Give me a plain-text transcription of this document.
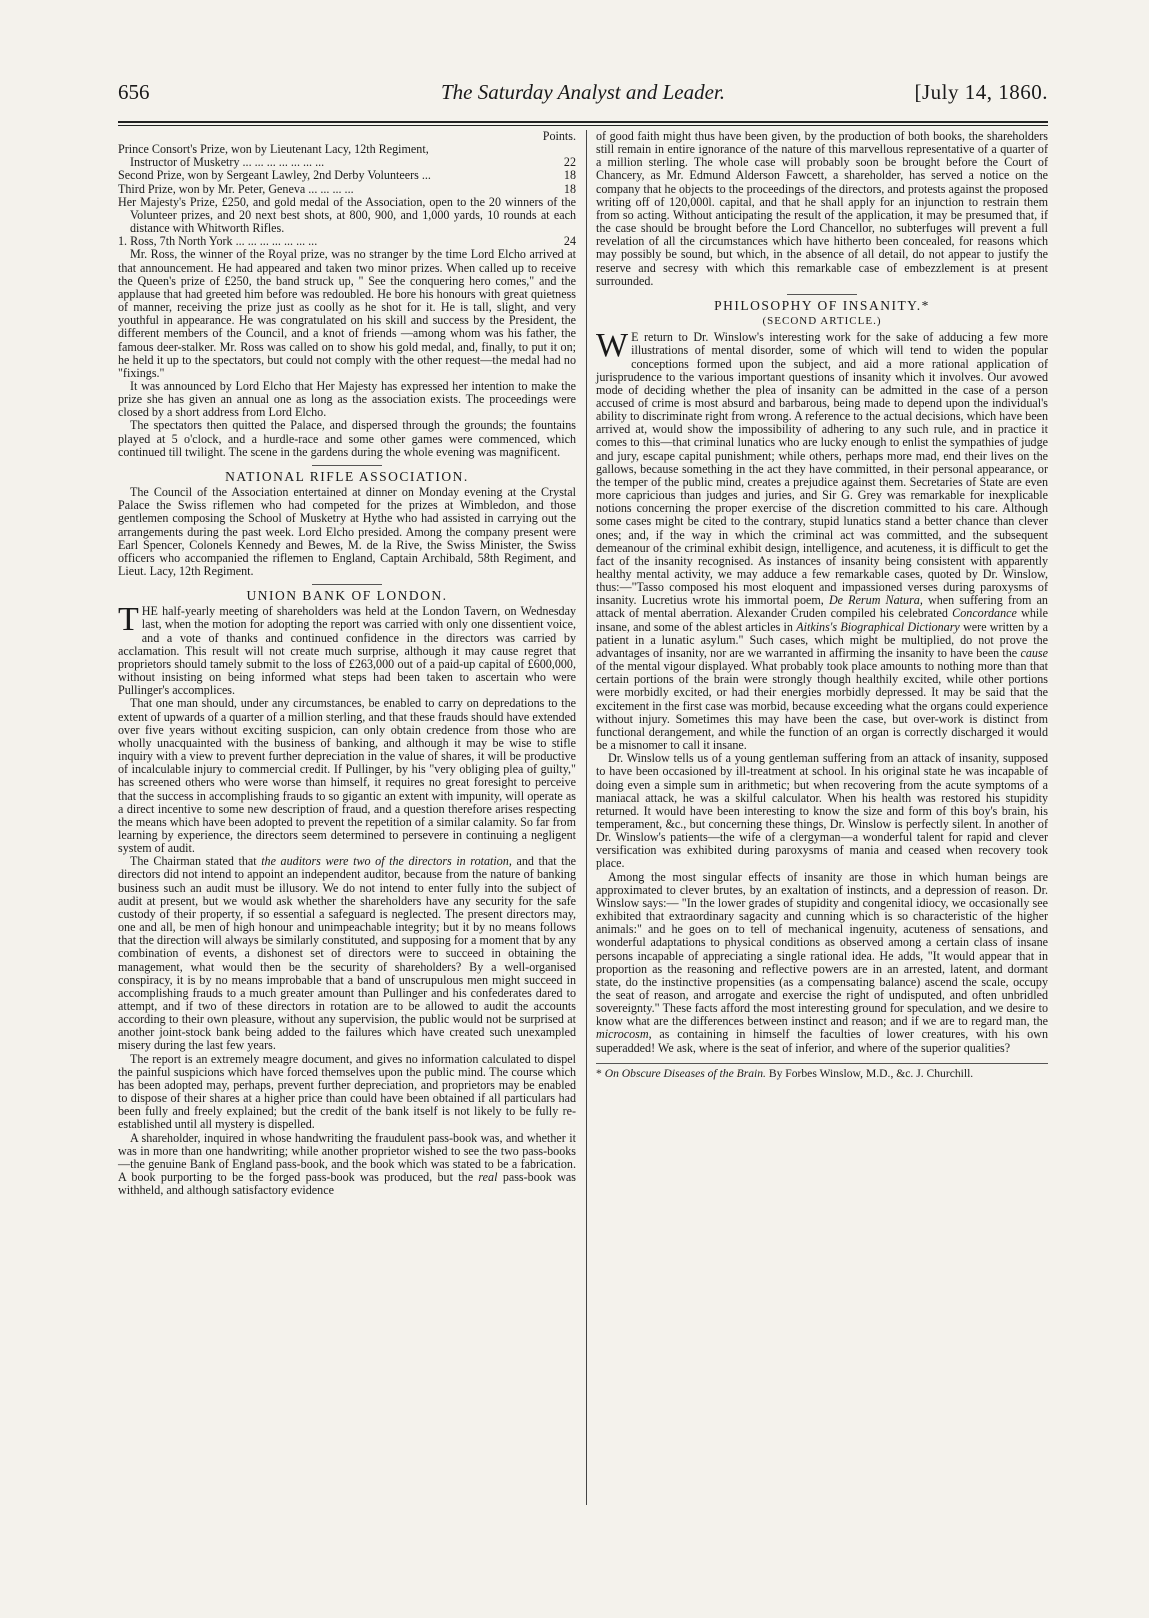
656	The Saturday Analyst and Leader.	[July 14, 1860.
Points.
Prince Consort's Prize, won by Lieutenant Lacy, 12th Regiment,
Instructor of Musketry ... ... ... ... ... ... ...	22
Second Prize, won by Sergeant Lawley, 2nd Derby Volunteers ...	18
Third Prize, won by Mr. Peter, Geneva ... ... ... ...	18

Her Majesty's Prize, £250, and gold medal of the Association, open to the 20 winners of the Volunteer prizes, and 20 next best shots, at 800, 900, and 1,000 yards, 10 rounds at each distance with Whitworth Rifles.

1. Ross, 7th North York ... ... ... ... ... ... ...	24

Mr. Ross, the winner of the Royal prize, was no stranger by the time Lord Elcho arrived at that announcement. He had appeared and taken two minor prizes. When called up to receive the Queen's prize of £250, the band struck up, " See the conquering hero comes," and the applause that had greeted him before was redoubled. He bore his honours with great quietness of manner, receiving the prize just as coolly as he shot for it. He is tall, slight, and very youthful in appearance. He was congratulated on his skill and success by the President, the different members of the Council, and a knot of friends —among whom was his father, the famous deer-stalker. Mr. Ross was called on to show his gold medal, and, finally, to put it on; he held it up to the spectators, but could not comply with the other request—the medal had no "fixings."

It was announced by Lord Elcho that Her Majesty has expressed her intention to make the prize she has given an annual one as long as the association exists. The proceedings were closed by a short address from Lord Elcho.

The spectators then quitted the Palace, and dispersed through the grounds; the fountains played at 5 o'clock, and a hurdle-race and some other games were commenced, which continued till twilight. The scene in the gardens during the whole evening was magnificent.

NATIONAL RIFLE ASSOCIATION.

The Council of the Association entertained at dinner on Monday evening at the Crystal Palace the Swiss riflemen who had competed for the prizes at Wimbledon, and those gentlemen composing the School of Musketry at Hythe who had assisted in carrying out the arrangements during the past week. Lord Elcho presided. Among the company present were Earl Spencer, Colonels Kennedy and Bewes, M. de la Rive, the Swiss Minister, the Swiss officers who accompanied the riflemen to England, Captain Archibald, 58th Regiment, and Lieut. Lacy, 12th Regiment.

UNION BANK OF LONDON.

THE half-yearly meeting of shareholders was held at the London Tavern, on Wednesday last, when the motion for adopting the report was carried with only one dissentient voice, and a vote of thanks and continued confidence in the directors was carried by acclamation. This result will not create much surprise, although it may cause regret that proprietors should tamely submit to the loss of £263,000 out of a paid-up capital of £600,000, without insisting on being informed what steps had been taken to ascertain who were Pullinger's accomplices.

That one man should, under any circumstances, be enabled to carry on depredations to the extent of upwards of a quarter of a million sterling, and that these frauds should have extended over five years without exciting suspicion, can only obtain credence from those who are wholly unacquainted with the business of banking, and although it may be wise to stifle inquiry with a view to prevent further depreciation in the value of shares, it will be productive of incalculable injury to commercial credit. If Pullinger, by his "very obliging plea of guilty," has screened others who were worse than himself, it requires no great foresight to perceive that the success in accomplishing frauds to so gigantic an extent with impunity, will operate as a direct incentive to some new description of fraud, and a question therefore arises respecting the means which have been adopted to prevent the repetition of a similar calamity. So far from learning by experience, the directors seem determined to persevere in continuing a negligent system of audit.

The Chairman stated that the auditors were two of the directors in rotation, and that the directors did not intend to appoint an independent auditor, because from the nature of banking business such an audit must be illusory. We do not intend to enter fully into the subject of audit at present, but we would ask whether the shareholders have any security for the safe custody of their property, if so essential a safeguard is neglected. The present directors may, one and all, be men of high honour and unimpeachable integrity; but it by no means follows that the direction will always be similarly constituted, and supposing for a moment that by any combination of events, a dishonest set of directors were to succeed in obtaining the management, what would then be the security of shareholders? By a well-organised conspiracy, it is by no means improbable that a band of unscrupulous men might succeed in accomplishing frauds to a much greater amount than Pullinger and his confederates dared to attempt, and if two of these directors in rotation are to be allowed to audit the accounts according to their own pleasure, without any supervision, the public would not be surprised at another joint-stock bank being added to the failures which have created such unexampled misery during the last few years.

The report is an extremely meagre document, and gives no information calculated to dispel the painful suspicions which have forced themselves upon the public mind. The course which has been adopted may, perhaps, prevent further depreciation, and proprietors may be enabled to dispose of their shares at a higher price than could have been obtained if all particulars had been fully and freely explained; but the credit of the bank itself is not likely to be fully re-established until all mystery is dispelled.

A shareholder, inquired in whose handwriting the fraudulent pass-book was, and whether it was in more than one handwriting; while another proprietor wished to see the two pass-books—the genuine Bank of England pass-book, and the book which was stated to be a fabrication. A book purporting to be the forged pass-book was produced, but the real pass-book was withheld, and although satisfactory evidence

of good faith might thus have been given, by the production of both books, the shareholders still remain in entire ignorance of the nature of this marvellous representative of a quarter of a million sterling. The whole case will probably soon be brought before the Court of Chancery, as Mr. Edmund Alderson Fawcett, a shareholder, has served a notice on the company that he objects to the proceedings of the directors, and protests against the proposed writing off of 120,000l. capital, and that he shall apply for an injunction to restrain them from so acting. Without anticipating the result of the application, it may be presumed that, if the case should be brought before the Lord Chancellor, no subterfuges will prevent a full revelation of all the circumstances which have hitherto been concealed, for reasons which may possibly be sound, but which, in the absence of all detail, do not appear to justify the reserve and secresy with which this remarkable case of embezzlement is at present surrounded.

PHILOSOPHY OF INSANITY.*
(SECOND ARTICLE.)

W E return to Dr. Winslow's interesting work for the sake of adducing a few more illustrations of mental disorder, some of which will tend to widen the popular conceptions formed upon the subject, and aid a more rational application of jurisprudence to the various important questions of insanity which it involves. Our avowed mode of deciding whether the plea of insanity can be admitted in the case of a person accused of crime is most absurd and barbarous, being made to depend upon the individual's ability to discriminate right from wrong. A reference to the actual decisions, which have been arrived at, would show the impossibility of adhering to any such rule, and in practice it comes to this—that criminal lunatics who are lucky enough to enlist the sympathies of judge and jury, escape capital punishment; while others, perhaps more mad, end their lives on the gallows, because something in the act they have committed, in their personal appearance, or the temper of the public mind, creates a prejudice against them. Secretaries of State are even more capricious than judges and juries, and Sir G. Grey was remarkable for inexplicable notions concerning the proper exercise of the discretion committed to his care. Although some cases might be cited to the contrary, stupid lunatics stand a better chance than clever ones; and, if the way in which the criminal act was committed, and the subsequent demeanour of the criminal exhibit design, intelligence, and acuteness, it is difficult to get the fact of the insanity recognised. As instances of insanity being consistent with apparently healthy mental activity, we may adduce a few remarkable cases, quoted by Dr. Winslow, thus:—"Tasso composed his most eloquent and impassioned verses during paroxysms of insanity. Lucretius wrote his immortal poem, De Rerum Natura, when suffering from an attack of mental aberration. Alexander Cruden compiled his celebrated Concordance while insane, and some of the ablest articles in Aitkins's Biographical Dictionary were written by a patient in a lunatic asylum." Such cases, which might be multiplied, do not prove the advantages of insanity, nor are we warranted in affirming the insanity to have been the cause of the mental vigour displayed. What probably took place amounts to nothing more than that certain portions of the brain were strongly though healthily excited, while other portions were morbidly excited, or had their energies morbidly depressed. It may be said that the excitement in the first case was morbid, because exceeding what the organs could experience without injury. Sometimes this may have been the case, but over-work is distinct from functional derangement, and while the function of an organ is correctly discharged it would be a misnomer to call it insane.

Dr. Winslow tells us of a young gentleman suffering from an attack of insanity, supposed to have been occasioned by ill-treatment at school. In his original state he was incapable of doing even a simple sum in arithmetic; but when recovering from the acute symptoms of a maniacal attack, he was a skilful calculator. When his health was restored his stupidity returned. It would have been interesting to know the size and form of this boy's brain, his temperament, &c., but concerning these things, Dr. Winslow is perfectly silent. In another of Dr. Winslow's patients—the wife of a clergyman—a wonderful talent for rapid and clever versification was exhibited during paroxysms of mania and ceased when recovery took place.

Among the most singular effects of insanity are those in which human beings are approximated to clever brutes, by an exaltation of instincts, and a depression of reason. Dr. Winslow says:— "In the lower grades of stupidity and congenital idiocy, we occasionally see exhibited that extraordinary sagacity and cunning which is so characteristic of the higher animals:" and he goes on to tell of mechanical ingenuity, acuteness of sensations, and wonderful adaptations to physical conditions as observed among a certain class of insane persons incapable of appreciating a single rational idea. He adds, "It would appear that in proportion as the reasoning and reflective powers are in an arrested, latent, and dormant state, do the instinctive propensities (as a compensating balance) ascend the scale, occupy the seat of reason, and arrogate and exercise the right of undisputed, and often unbridled sovereignty." These facts afford the most interesting ground for speculation, and we desire to know what are the differences between instinct and reason; and if we are to regard man, the microcosm, as containing in himself the faculties of lower creatures, with his own superadded! We ask, where is the seat of inferior, and where of the superior qualities?

* On Obscure Diseases of the Brain. By Forbes Winslow, M.D., &c. J. Churchill.
